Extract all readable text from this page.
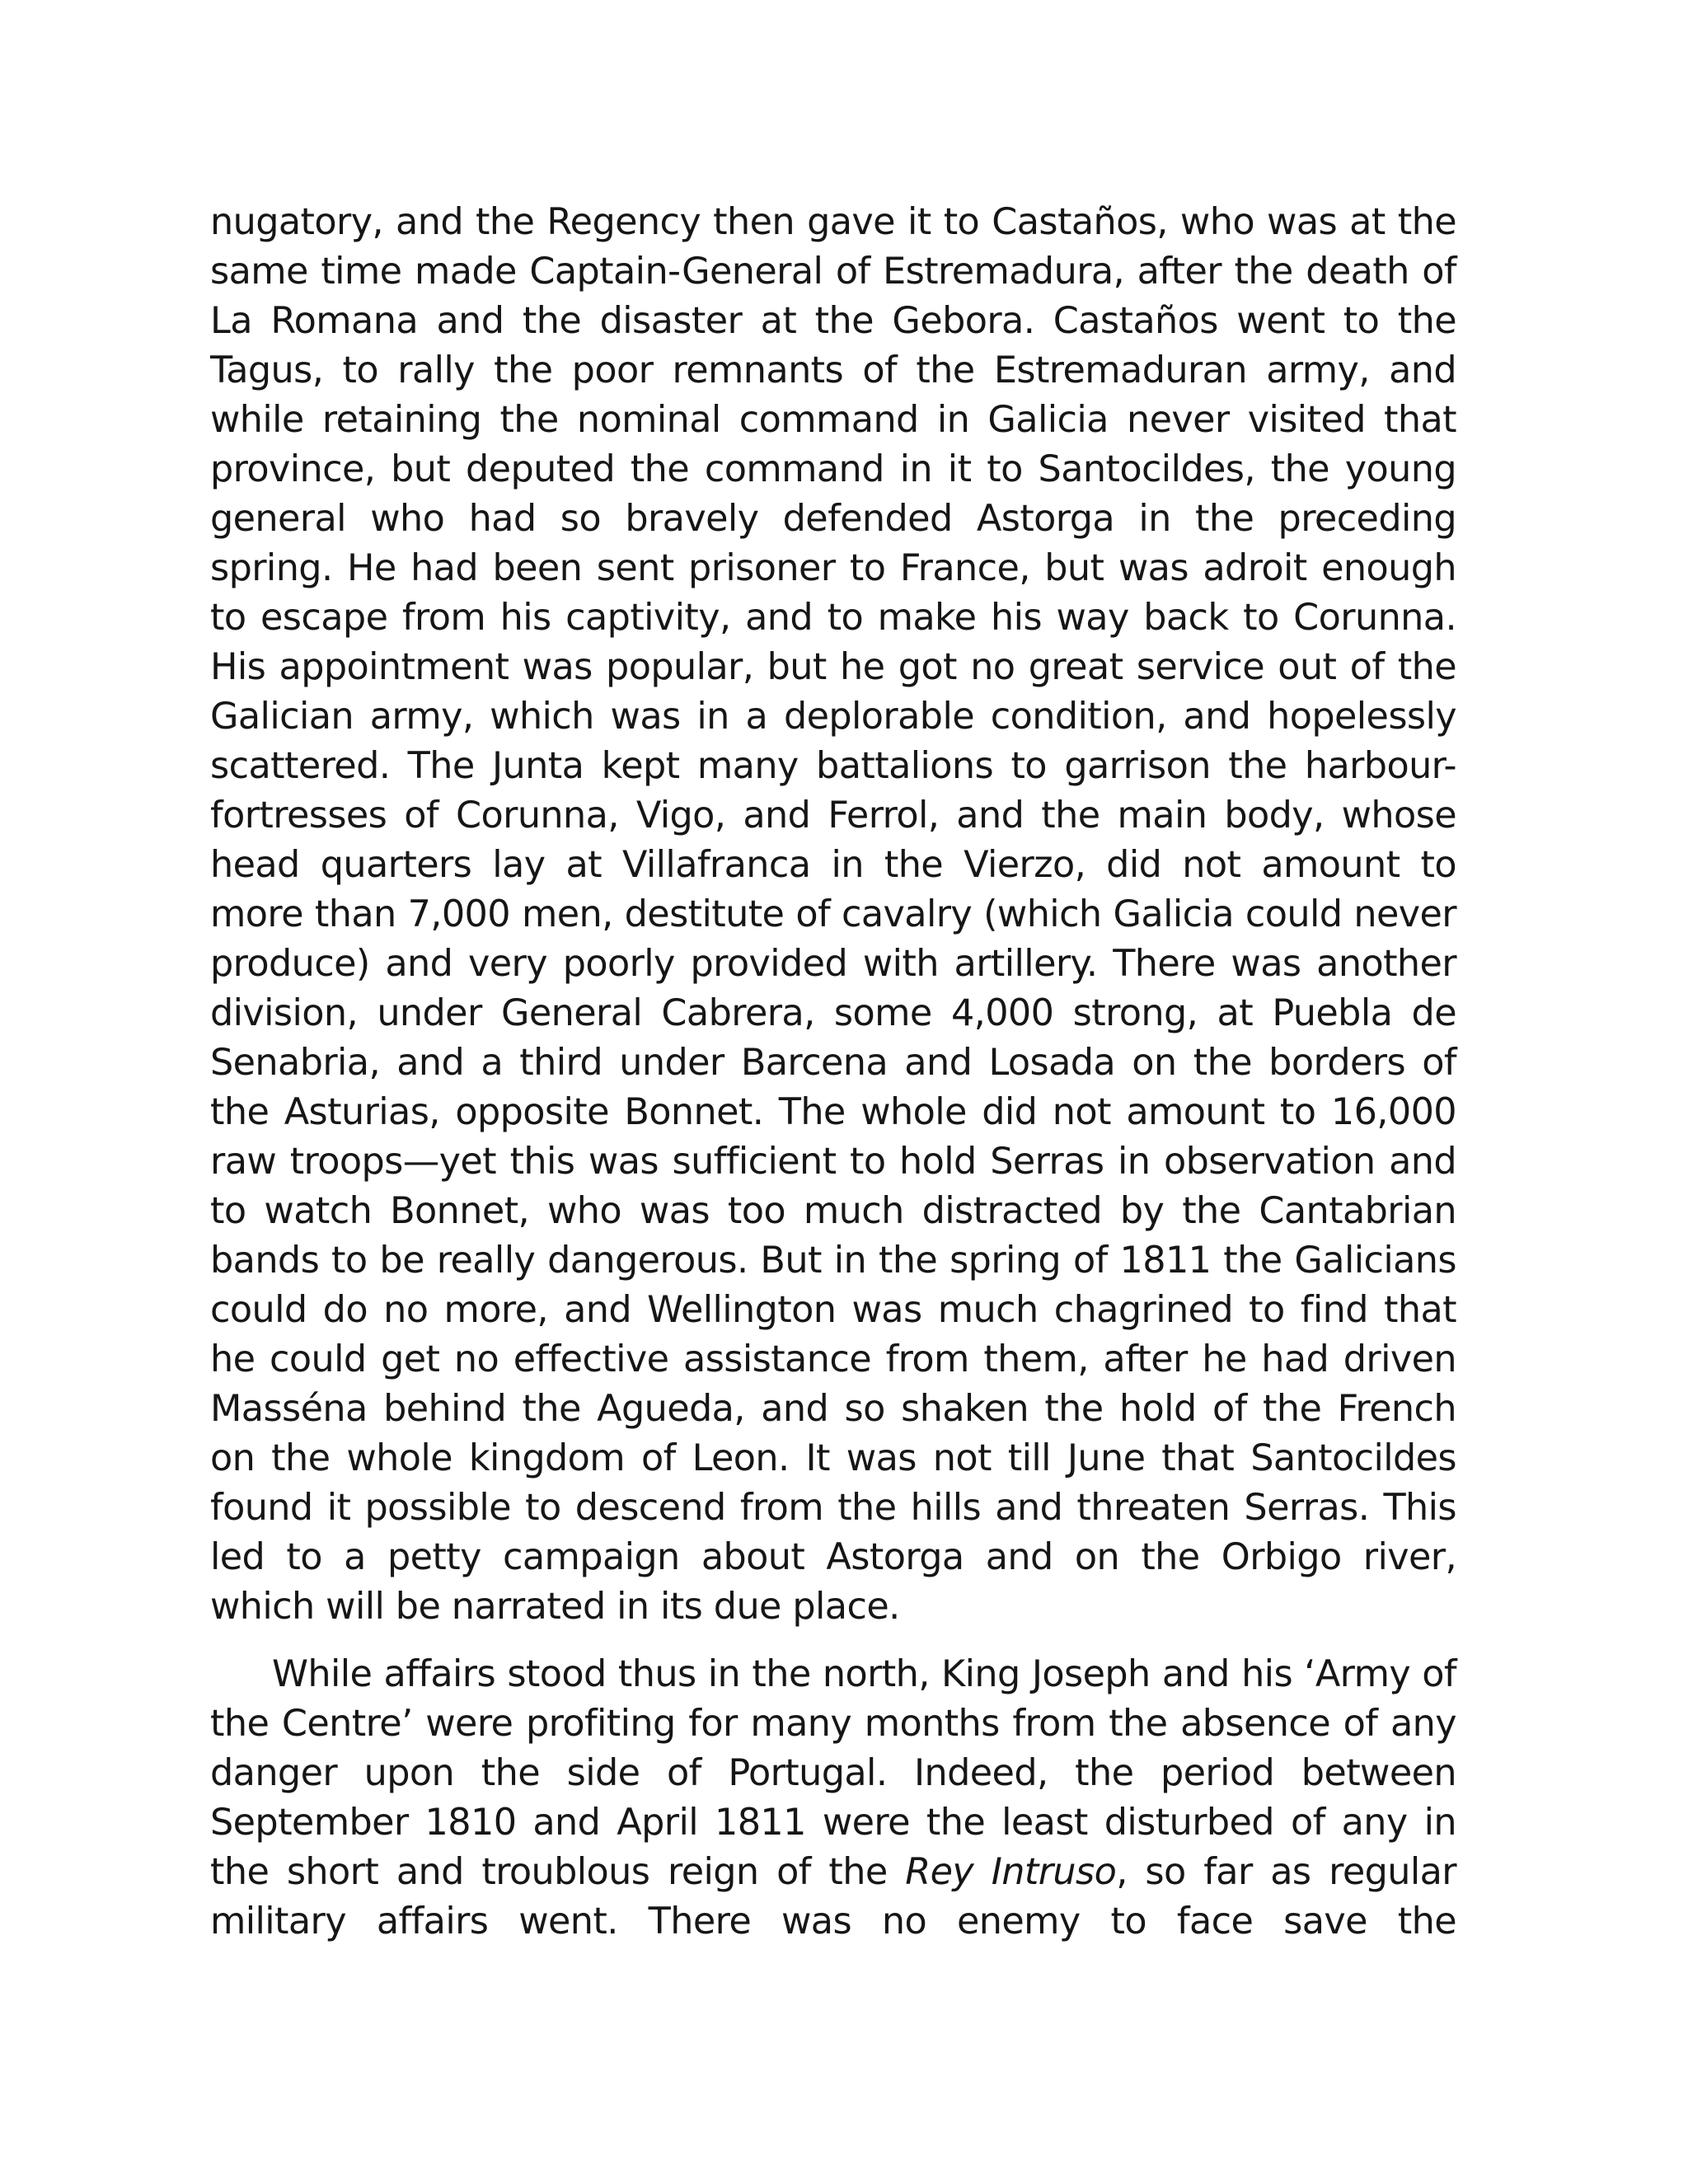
nugatory, and the Regency then gave it to Castaños, who was at the same time made Captain-General of Estremadura, after the death of La Romana and the disaster at the Gebora. Castaños went to the Tagus, to rally the poor remnants of the Estremaduran army, and while retaining the nominal command in Galicia never visited that province, but deputed the command in it to Santocildes, the young general who had so bravely defended Astorga in the preceding spring. He had been sent prisoner to France, but was adroit enough to escape from his captivity, and to make his way back to Corunna. His appointment was popular, but he got no great service out of the Galician army, which was in a deplorable condition, and hopelessly scattered. The Junta kept many battalions to garrison the harbour-fortresses of Corunna, Vigo, and Ferrol, and the main body, whose head quarters lay at Villafranca in the Vierzo, did not amount to more than 7,000 men, destitute of cavalry (which Galicia could never produce) and very poorly provided with artillery. There was another division, under General Cabrera, some 4,000 strong, at Puebla de Senabria, and a third under Barcena and Losada on the borders of the Asturias, opposite Bonnet. The whole did not amount to 16,000 raw troops—yet this was sufficient to hold Serras in observation and to watch Bonnet, who was too much distracted by the Cantabrian bands to be really dangerous. But in the spring of 1811 the Galicians could do no more, and Wellington was much chagrined to find that he could get no effective assistance from them, after he had driven Masséna behind the Agueda, and so shaken the hold of the French on the whole kingdom of Leon. It was not till June that Santocildes found it possible to descend from the hills and threaten Serras. This led to a petty campaign about Astorga and on the Orbigo river, which will be narrated in its due place.

While affairs stood thus in the north, King Joseph and his ‘Army of the Centre’ were profiting for many months from the absence of any danger upon the side of Portugal. Indeed, the period between September 1810 and April 1811 were the least disturbed of any in the short and troublous reign of the Rey Intruso, so far as regular military affairs went. There was no enemy to face save the
